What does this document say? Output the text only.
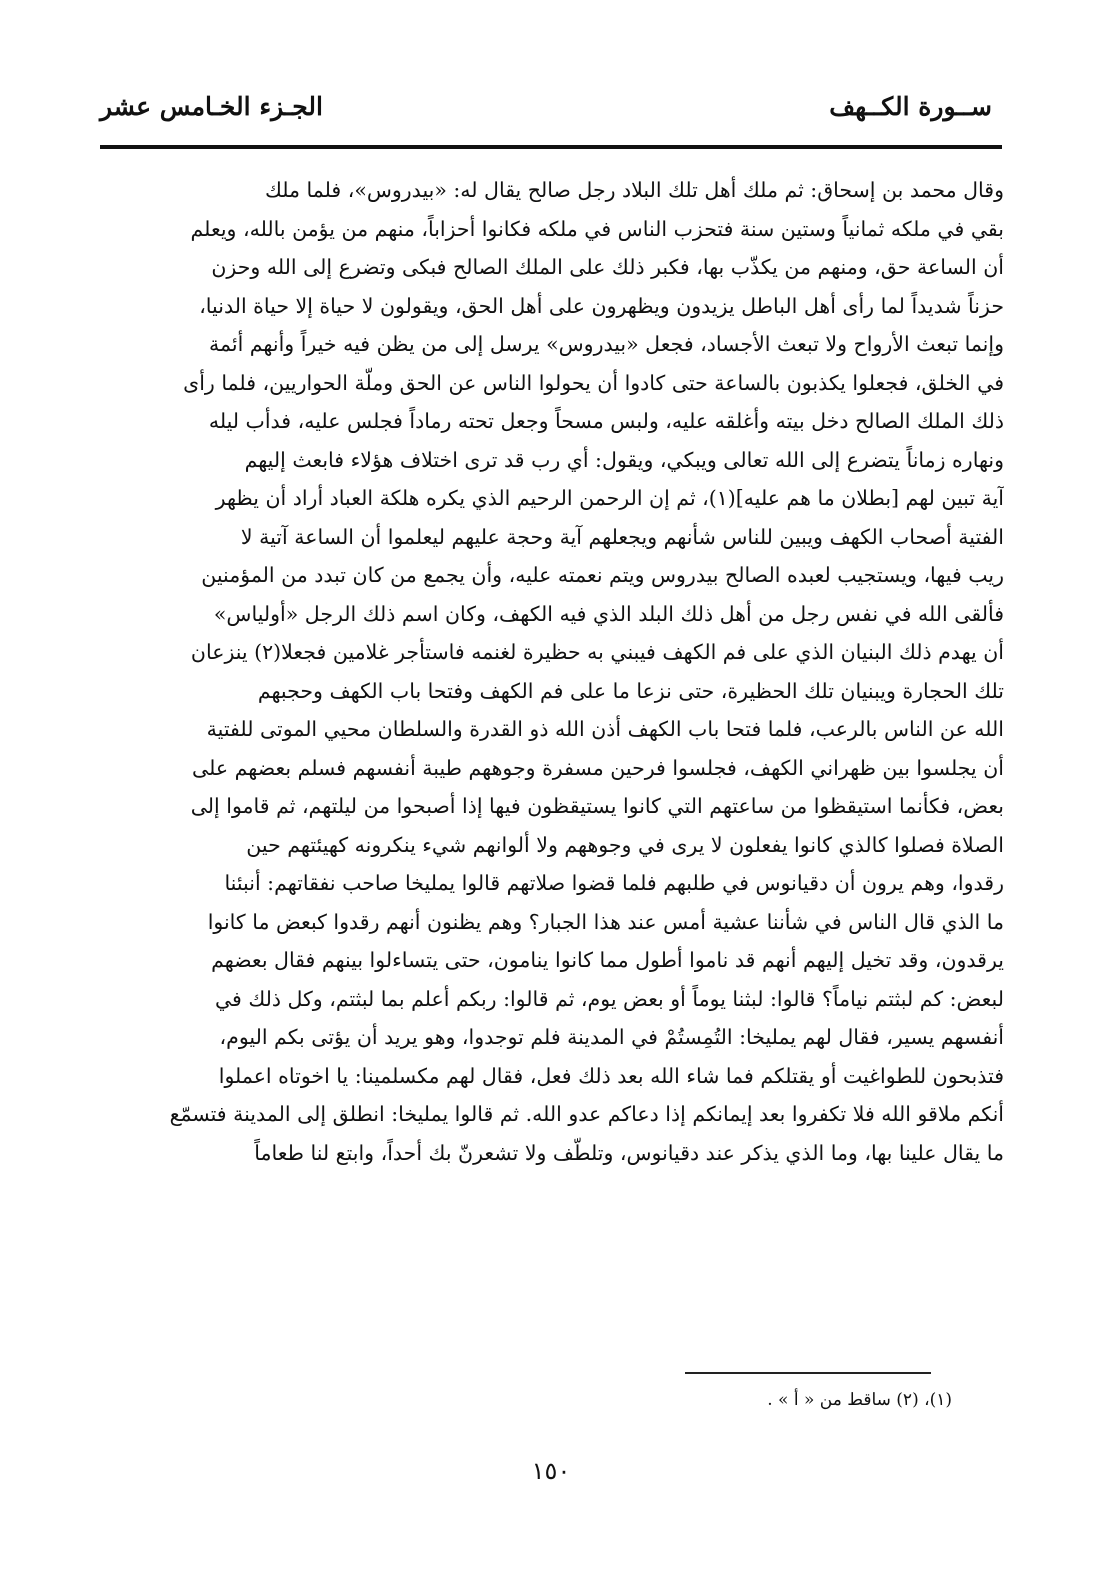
ســورة الكــهف
الجـزء الخـامس عشر
وقال محمد بن إسحاق: ثم ملك أهل تلك البلاد رجل صالح يقال له: «بيدروس»، فلما ملك
بقي في ملكه ثمانياً وستين سنة فتحزب الناس في ملكه فكانوا أحزاباً، منهم من يؤمن بالله، ويعلم
أن الساعة حق، ومنهم من يكذّب بها، فكبر ذلك على الملك الصالح فبكى وتضرع إلى الله وحزن
حزناً شديداً لما رأى أهل الباطل يزيدون ويظهرون على أهل الحق، ويقولون لا حياة إلا حياة الدنيا،
وإنما تبعث الأرواح ولا تبعث الأجساد، فجعل «بيدروس» يرسل إلى من يظن فيه خيراً وأنهم أئمة
في الخلق، فجعلوا يكذبون بالساعة حتى كادوا أن يحولوا الناس عن الحق وملّة الحواريين، فلما رأى
ذلك الملك الصالح دخل بيته وأغلقه عليه، ولبس مسحاً وجعل تحته رماداً فجلس عليه، فدأب ليله
ونهاره زماناً يتضرع إلى الله تعالى ويبكي، ويقول: أي رب قد ترى اختلاف هؤلاء فابعث إليهم
آية تبين لهم [بطلان ما هم عليه](١)، ثم إن الرحمن الرحيم الذي يكره هلكة العباد أراد أن يظهر
الفتية أصحاب الكهف ويبين للناس شأنهم ويجعلهم آية وحجة عليهم ليعلموا أن الساعة آتية لا
ريب فيها، ويستجيب لعبده الصالح بيدروس ويتم نعمته عليه، وأن يجمع من كان تبدد من المؤمنين
فألقى الله في نفس رجل من أهل ذلك البلد الذي فيه الكهف، وكان اسم ذلك الرجل «أولياس»
أن يهدم ذلك البنيان الذي على فم الكهف فيبني به حظيرة لغنمه فاستأجر غلامين فجعلا(٢) ينزعان
تلك الحجارة ويبنيان تلك الحظيرة، حتى نزعا ما على فم الكهف وفتحا باب الكهف وحجبهم
الله عن الناس بالرعب، فلما فتحا باب الكهف أذن الله ذو القدرة والسلطان محيي الموتى للفتية
أن يجلسوا بين ظهراني الكهف، فجلسوا فرحين مسفرة وجوههم طيبة أنفسهم فسلم بعضهم على
بعض، فكأنما استيقظوا من ساعتهم التي كانوا يستيقظون فيها إذا أصبحوا من ليلتهم، ثم قاموا إلى
الصلاة فصلوا كالذي كانوا يفعلون لا يرى في وجوههم ولا ألوانهم شيء ينكرونه كهيئتهم حين
رقدوا، وهم يرون أن دقيانوس في طلبهم فلما قضوا صلاتهم قالوا يمليخا صاحب نفقاتهم: أنبئنا
ما الذي قال الناس في شأننا عشية أمس عند هذا الجبار؟ وهم يظنون أنهم رقدوا كبعض ما كانوا
يرقدون، وقد تخيل إليهم أنهم قد ناموا أطول مما كانوا ينامون، حتى يتساءلوا بينهم فقال بعضهم
لبعض: كم لبثتم نياماً؟ قالوا: لبثنا يوماً أو بعض يوم، ثم قالوا: ربكم أعلم بما لبثتم، وكل ذلك في
أنفسهم يسير، فقال لهم يمليخا: التُمِستُمْ في المدينة فلم توجدوا، وهو يريد أن يؤتى بكم اليوم،
فتذبحون للطواغيت أو يقتلكم فما شاء الله بعد ذلك فعل، فقال لهم مكسلمينا: يا اخوتاه اعملوا
أنكم ملاقو الله فلا تكفروا بعد إيمانكم إذا دعاكم عدو الله. ثم قالوا يمليخا: انطلق إلى المدينة فتسمّع
ما يقال علينا بها، وما الذي يذكر عند دقيانوس، وتلطّف ولا تشعرنّ بك أحداً، وابتع لنا طعاماً
(١)، (٢) ساقط من « أ » .
١٥٠
